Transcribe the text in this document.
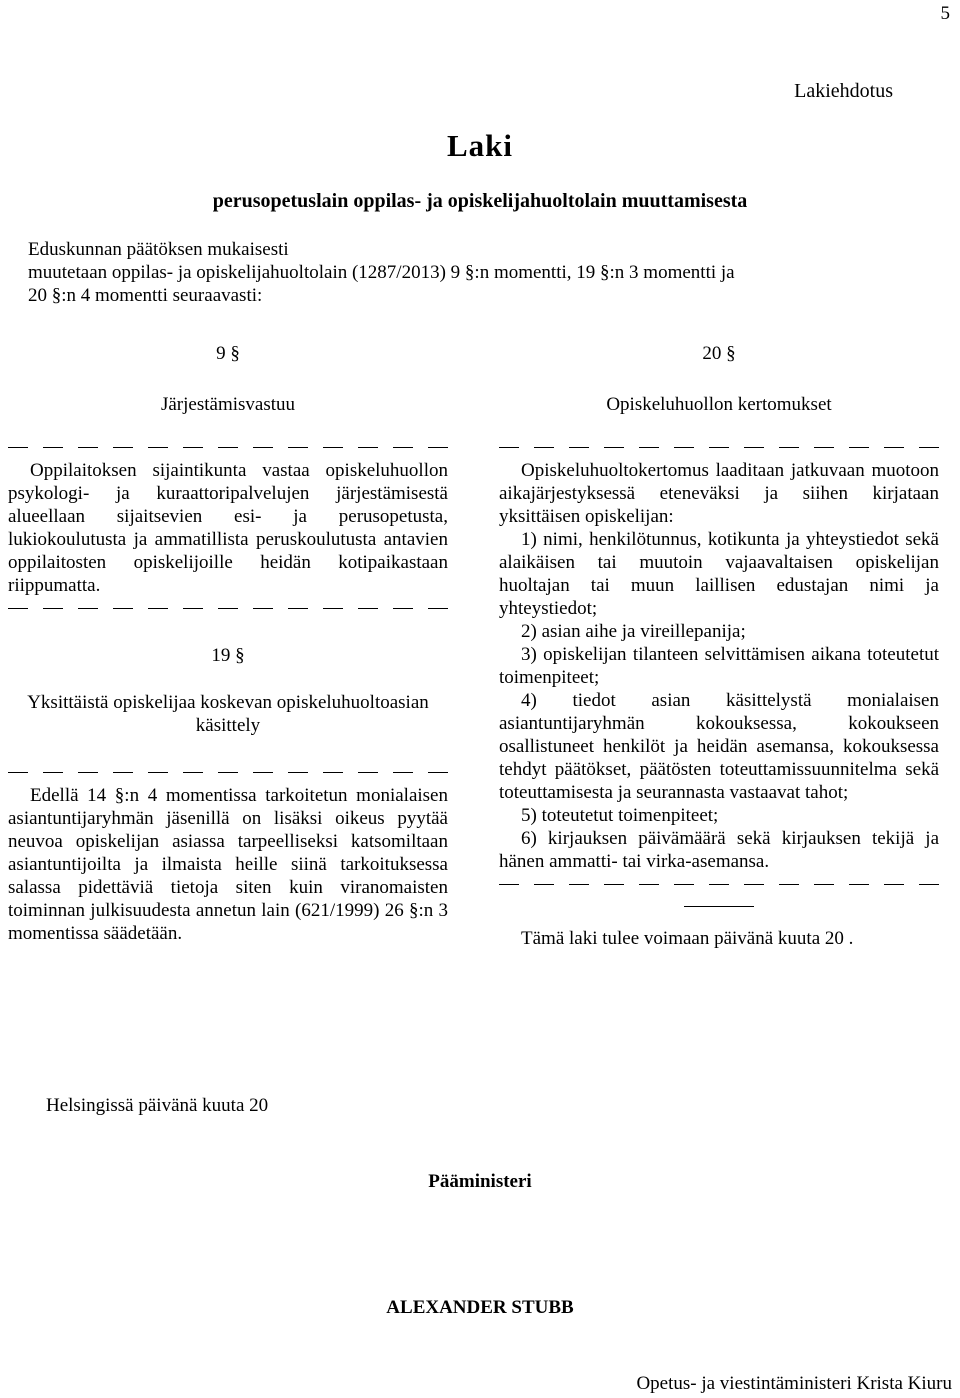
5
Lakiehdotus
Laki
perusopetuslain oppilas- ja opiskelijahuoltolain muuttamisesta
Eduskunnan päätöksen mukaisesti
muutetaan oppilas- ja opiskelijahuoltolain (1287/2013) 9 §:n momentti, 19 §:n 3 momentti ja
20 §:n 4 momentti seuraavasti:
9 §
Järjestämisvastuu

Oppilaitoksen sijaintikunta vastaa opiskeluhuollon psykologi- ja kuraattoripalvelujen järjestämisestä alueellaan sijaitsevien esi- ja perusopetusta, lukiokoulutusta ja ammatillista peruskoulutusta antavien oppilaitosten opiskelijoille heidän kotipaikastaan riippumatta.

19 §
Yksittäistä opiskelijaa koskevan opiskeluhuoltoasian käsittely

Edellä 14 §:n 4 momentissa tarkoitetun monialaisen asiantuntijaryhmän jäsenillä on lisäksi oikeus pyytää neuvoa opiskelijan asiassa tarpeelliseksi katsomiltaan asiantuntijoilta ja ilmaista heille siinä tarkoituksessa salassa pidettäviä tietoja siten kuin viranomaisten toiminnan julkisuudesta annetun lain (621/1999) 26 §:n 3 momentissa säädetään.

20 §
Opiskeluhuollon kertomukset

Opiskeluhuoltokertomus laaditaan jatkuvaan muotoon aikajärjestyksessä eteneväksi ja siihen kirjataan yksittäisen opiskelijan:

1) nimi, henkilötunnus, kotikunta ja yhteystiedot sekä alaikäisen tai muutoin vajaavaltaisen opiskelijan huoltajan tai muun laillisen edustajan nimi ja yhteystiedot;

2) asian aihe ja vireillepanija;

3) opiskelijan tilanteen selvittämisen aikana toteutetut toimenpiteet;

4) tiedot asian käsittelystä monialaisen asiantuntijaryhmän kokouksessa, kokoukseen osallistuneet henkilöt ja heidän asemansa, kokouksessa tehdyt päätökset, päätösten toteuttamissuunnitelma sekä toteuttamisesta ja seurannasta vastaavat tahot;

5) toteutetut toimenpiteet;

6) kirjauksen päivämäärä sekä kirjauksen tekijä ja hänen ammatti- tai virka-asemansa.

Tämä laki tulee voimaan päivänä kuuta 20 .

Helsingissä päivänä kuuta 20
Pääministeri
ALEXANDER STUBB
Opetus- ja viestintäministeri Krista Kiuru
